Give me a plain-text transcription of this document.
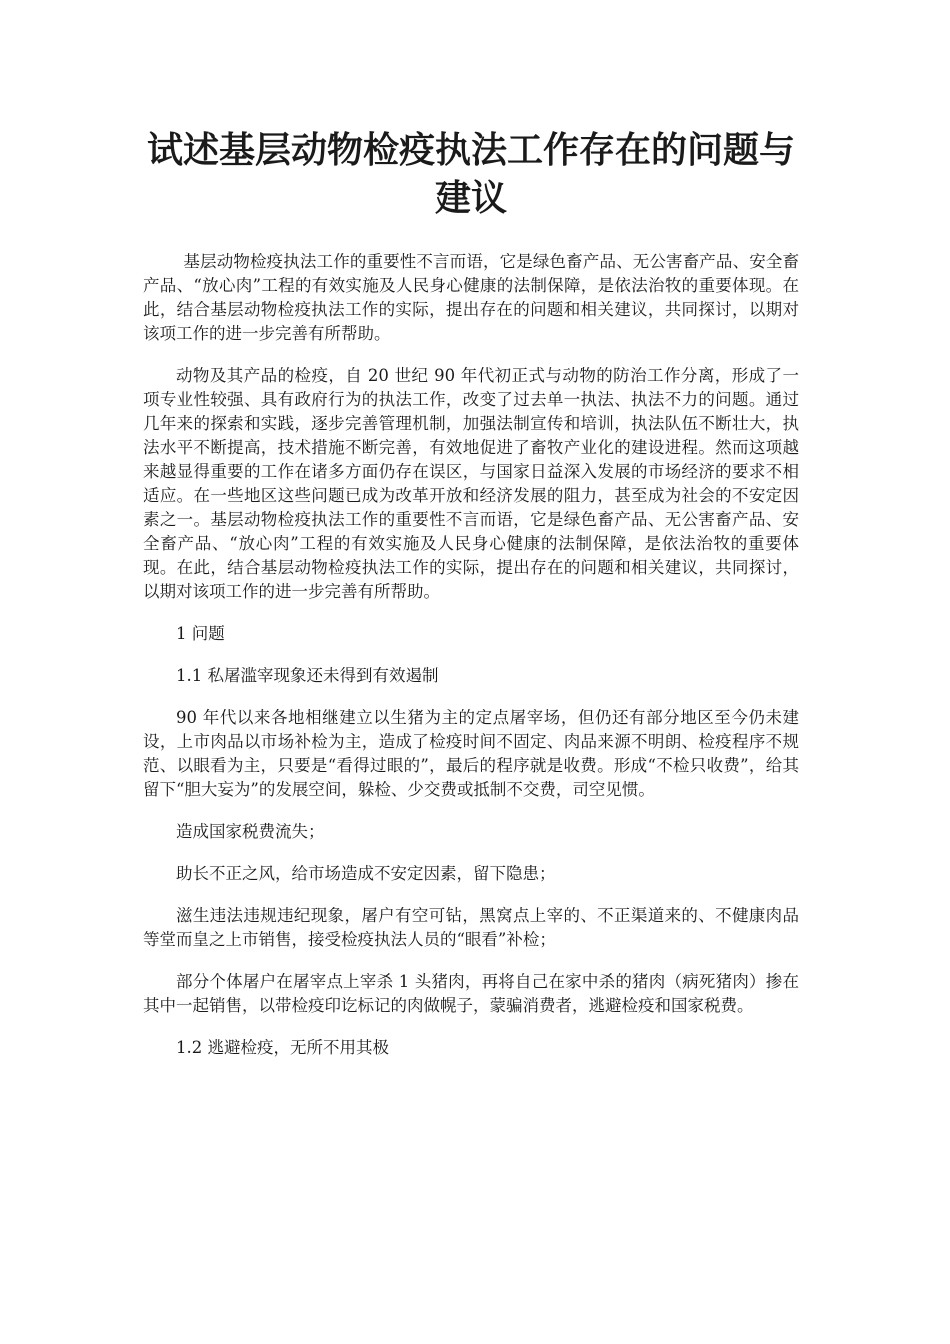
试述基层动物检疫执法工作存在的问题与建议

基层动物检疫执法工作的重要性不言而语，它是绿色畜产品、无公害畜产品、安全畜产品、“放心肉”工程的有效实施及人民身心健康的法制保障，是依法治牧的重要体现。在此，结合基层动物检疫执法工作的实际，提出存在的问题和相关建议，共同探讨，以期对该项工作的进一步完善有所帮助。

动物及其产品的检疫，自 20 世纪 90 年代初正式与动物的防治工作分离，形成了一项专业性较强、具有政府行为的执法工作，改变了过去单一执法、执法不力的问题。通过几年来的探索和实践，逐步完善管理机制，加强法制宣传和培训，执法队伍不断壮大，执法水平不断提高，技术措施不断完善，有效地促进了畜牧产业化的建设进程。然而这项越来越显得重要的工作在诸多方面仍存在误区，与国家日益深入发展的市场经济的要求不相适应。在一些地区这些问题已成为改革开放和经济发展的阻力，甚至成为社会的不安定因素之一。基层动物检疫执法工作的重要性不言而语，它是绿色畜产品、无公害畜产品、安全畜产品、“放心肉”工程的有效实施及人民身心健康的法制保障，是依法治牧的重要体现。在此，结合基层动物检疫执法工作的实际，提出存在的问题和相关建议，共同探讨，以期对该项工作的进一步完善有所帮助。

1 问题

1.1 私屠滥宰现象还未得到有效遏制

90 年代以来各地相继建立以生猪为主的定点屠宰场，但仍还有部分地区至今仍未建设，上市肉品以市场补检为主，造成了检疫时间不固定、肉品来源不明朗、检疫程序不规范、以眼看为主，只要是“看得过眼的”，最后的程序就是收费。形成“不检只收费”，给其留下“胆大妄为”的发展空间，躲检、少交费或抵制不交费，司空见惯。

造成国家税费流失；

助长不正之风，给市场造成不安定因素，留下隐患；

滋生违法违规违纪现象，屠户有空可钻，黑窝点上宰的、不正渠道来的、不健康肉品等堂而皇之上市销售，接受检疫执法人员的“眼看”补检；

部分个体屠户在屠宰点上宰杀 1 头猪肉，再将自己在家中杀的猪肉（病死猪肉）掺在其中一起销售，以带检疫印讫标记的肉做幌子，蒙骗消费者，逃避检疫和国家税费。

1.2 逃避检疫，无所不用其极
